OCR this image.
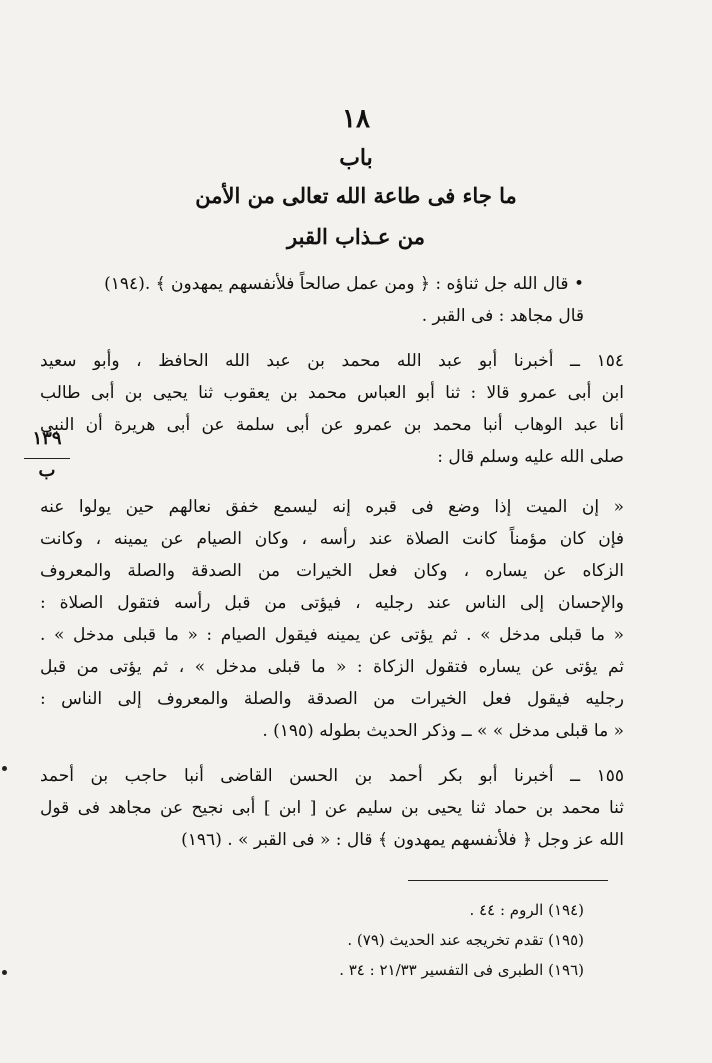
١٨
باب
ما جاء فى طاعة الله تعالى من الأمن
من عـذاب القبر
• قال الله جل ثناؤه : ﴿ ومن عمل صالحاً فلأنفسهم يمهدون ﴾ .(١٩٤)
قال مجاهد : فى القبر .
١٥٤ ــ أخبرنا أبو عبد الله محمد بن عبد الله الحافظ ، وأبو سعيد
ابن أبى عمرو قالا : ثنا أبو العباس محمد بن يعقوب ثنا يحيى بن أبى طالب
أنا عبد الوهاب أنبا محمد بن عمرو عن أبى سلمة عن أبى هريرة أن النبى
صلى الله عليه وسلم قال :
١٣٩
ب
« إن الميت إذا وضع فى قبره إنه ليسمع خفق نعالهم حين يولوا عنه
فإن كان مؤمناً كانت الصلاة عند رأسه ، وكان الصيام عن يمينه ، وكانت
الزكاه عن يساره ، وكان فعل الخيرات من الصدقة والصلة والمعروف
والإحسان إلى الناس عند رجليه ، فيؤتى من قبل رأسه فتقول الصلاة :
« ما قبلى مدخل » . ثم يؤتى عن يمينه فيقول الصيام : « ما قبلى مدخل » .
ثم يؤتى عن يساره فتقول الزكاة : « ما قبلى مدخل » ، ثم يؤتى من قبل
رجليه فيقول فعل الخيرات من الصدقة والصلة والمعروف إلى الناس :
« ما قبلى مدخل » » ــ وذكر الحديث بطوله (١٩٥) .
١٥٥ ــ أخبرنا أبو بكر أحمد بن الحسن القاضى أنبا حاجب بن أحمد
ثنا محمد بن حماد ثنا يحيى بن سليم عن [ ابن ] أبى نجيح عن مجاهد فى قول
الله عز وجل ﴿ فلأنفسهم يمهدون ﴾ قال : « فى القبر » . (١٩٦)
(١٩٤) الروم : ٤٤ .
(١٩٥) تقدم تخريجه عند الحديث (٧٩) .
(١٩٦) الطبرى فى التفسير ٢١/٣٣ : ٣٤ .
